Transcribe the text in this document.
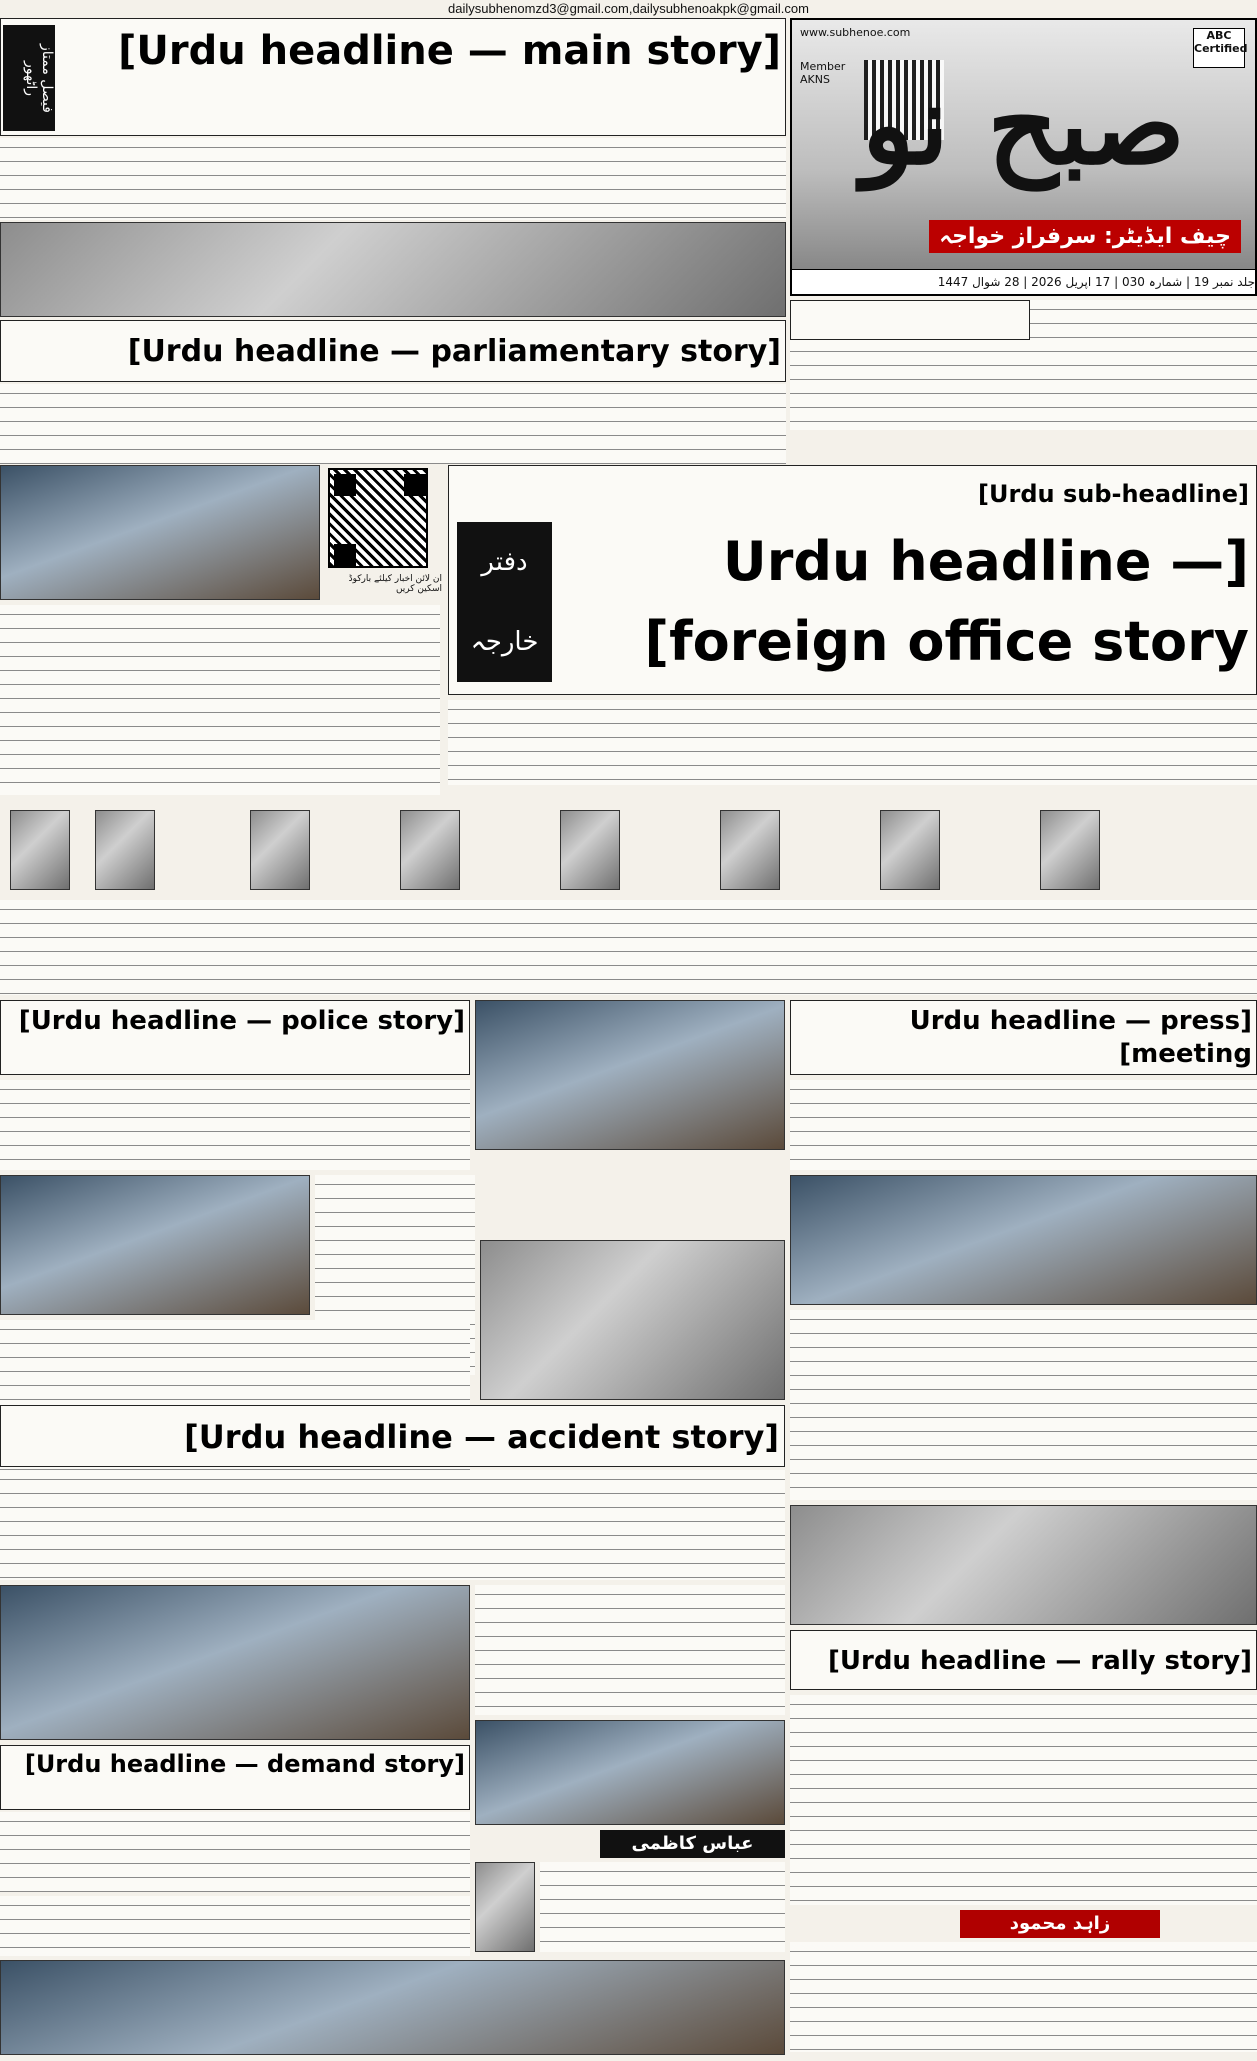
dailysubhenomzd3@gmail.com,dailysubhenoakpk@gmail.com
ABC Certified
www.subhenoe.com
Member AKNS صبح نو
چیف ایڈیٹر: سرفراز خواجہ
جلد نمبر 19 | شمارہ 030 | 17 اپریل 2026 | 28 شوال 1447
[Urdu headline — main story]
فیصل ممتاز راٹھور
[Urdu headline — parliamentary story]
آن لائن اخبار کیلئے بارکوڈ اسکین کریں
[Urdu sub-headline]
[Urdu headline — foreign office story]
دفتر خارجہ
[Urdu headline — press meeting]
[Urdu headline — police story]
[Urdu headline — accident story]
[Urdu headline — demand story]
[Urdu headline — rally story]
عباس کاظمی
زاہد محمود
